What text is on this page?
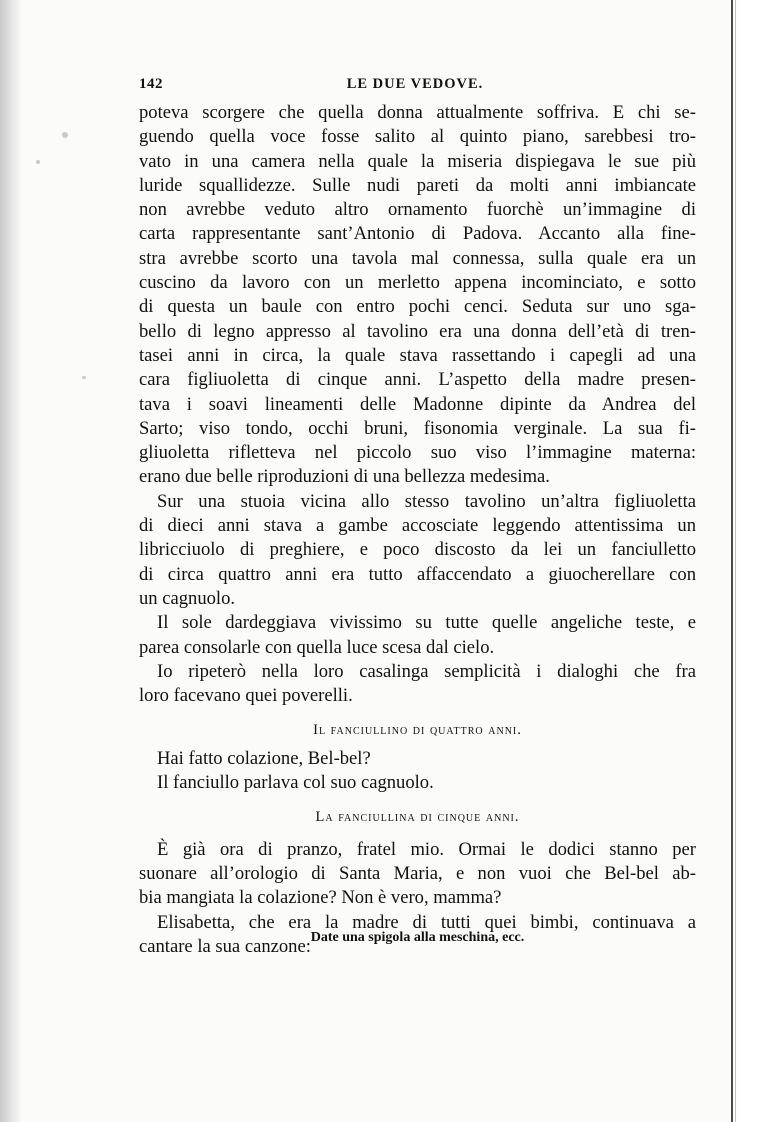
142	LE DUE VEDOVE.
poteva scorgere che quella donna attualmente soffriva. E chi se-
guendo quella voce fosse salito al quinto piano, sarebbesi tro-
vato in una camera nella quale la miseria dispiegava le sue più
luride squallidezze. Sulle nudi pareti da molti anni imbiancate
non avrebbe veduto altro ornamento fuorchè un’immagine di
carta rappresentante sant’Antonio di Padova. Accanto alla fine-
stra avrebbe scorto una tavola mal connessa, sulla quale era un
cuscino da lavoro con un merletto appena incominciato, e sotto
di questa un baule con entro pochi cenci. Seduta sur uno sga-
bello di legno appresso al tavolino era una donna dell’età di tren-
tasei anni in circa, la quale stava rassettando i capegli ad una
cara figliuoletta di cinque anni. L’aspetto della madre presen-
tava i soavi lineamenti delle Madonne dipinte da Andrea del
Sarto; viso tondo, occhi bruni, fisonomia verginale. La sua fi-
gliuoletta rifletteva nel piccolo suo viso l’immagine materna:
erano due belle riproduzioni di una bellezza medesima.
Sur una stuoia vicina allo stesso tavolino un’altra figliuoletta
di dieci anni stava a gambe accosciate leggendo attentissima un
libricciuolo di preghiere, e poco discosto da lei un fanciulletto
di circa quattro anni era tutto affaccendato a giuocherellare con
un cagnuolo.
Il sole dardeggiava vivissimo su tutte quelle angeliche teste, e
parea consolarle con quella luce scesa dal cielo.
Io ripeterò nella loro casalinga semplicità i dialoghi che fra
loro facevano quei poverelli.
Il fanciullino di quattro anni.
Hai fatto colazione, Bel-bel?
Il fanciullo parlava col suo cagnuolo.
La fanciullina di cinque anni.
È già ora di pranzo, fratel mio. Ormai le dodici stanno per
suonare all’orologio di Santa Maria, e non vuoi che Bel-bel ab-
bia mangiata la colazione? Non è vero, mamma?
Elisabetta, che era la madre di tutti quei bimbi, continuava a
cantare la sua canzone: Date una spigola alla meschina, ecc.
